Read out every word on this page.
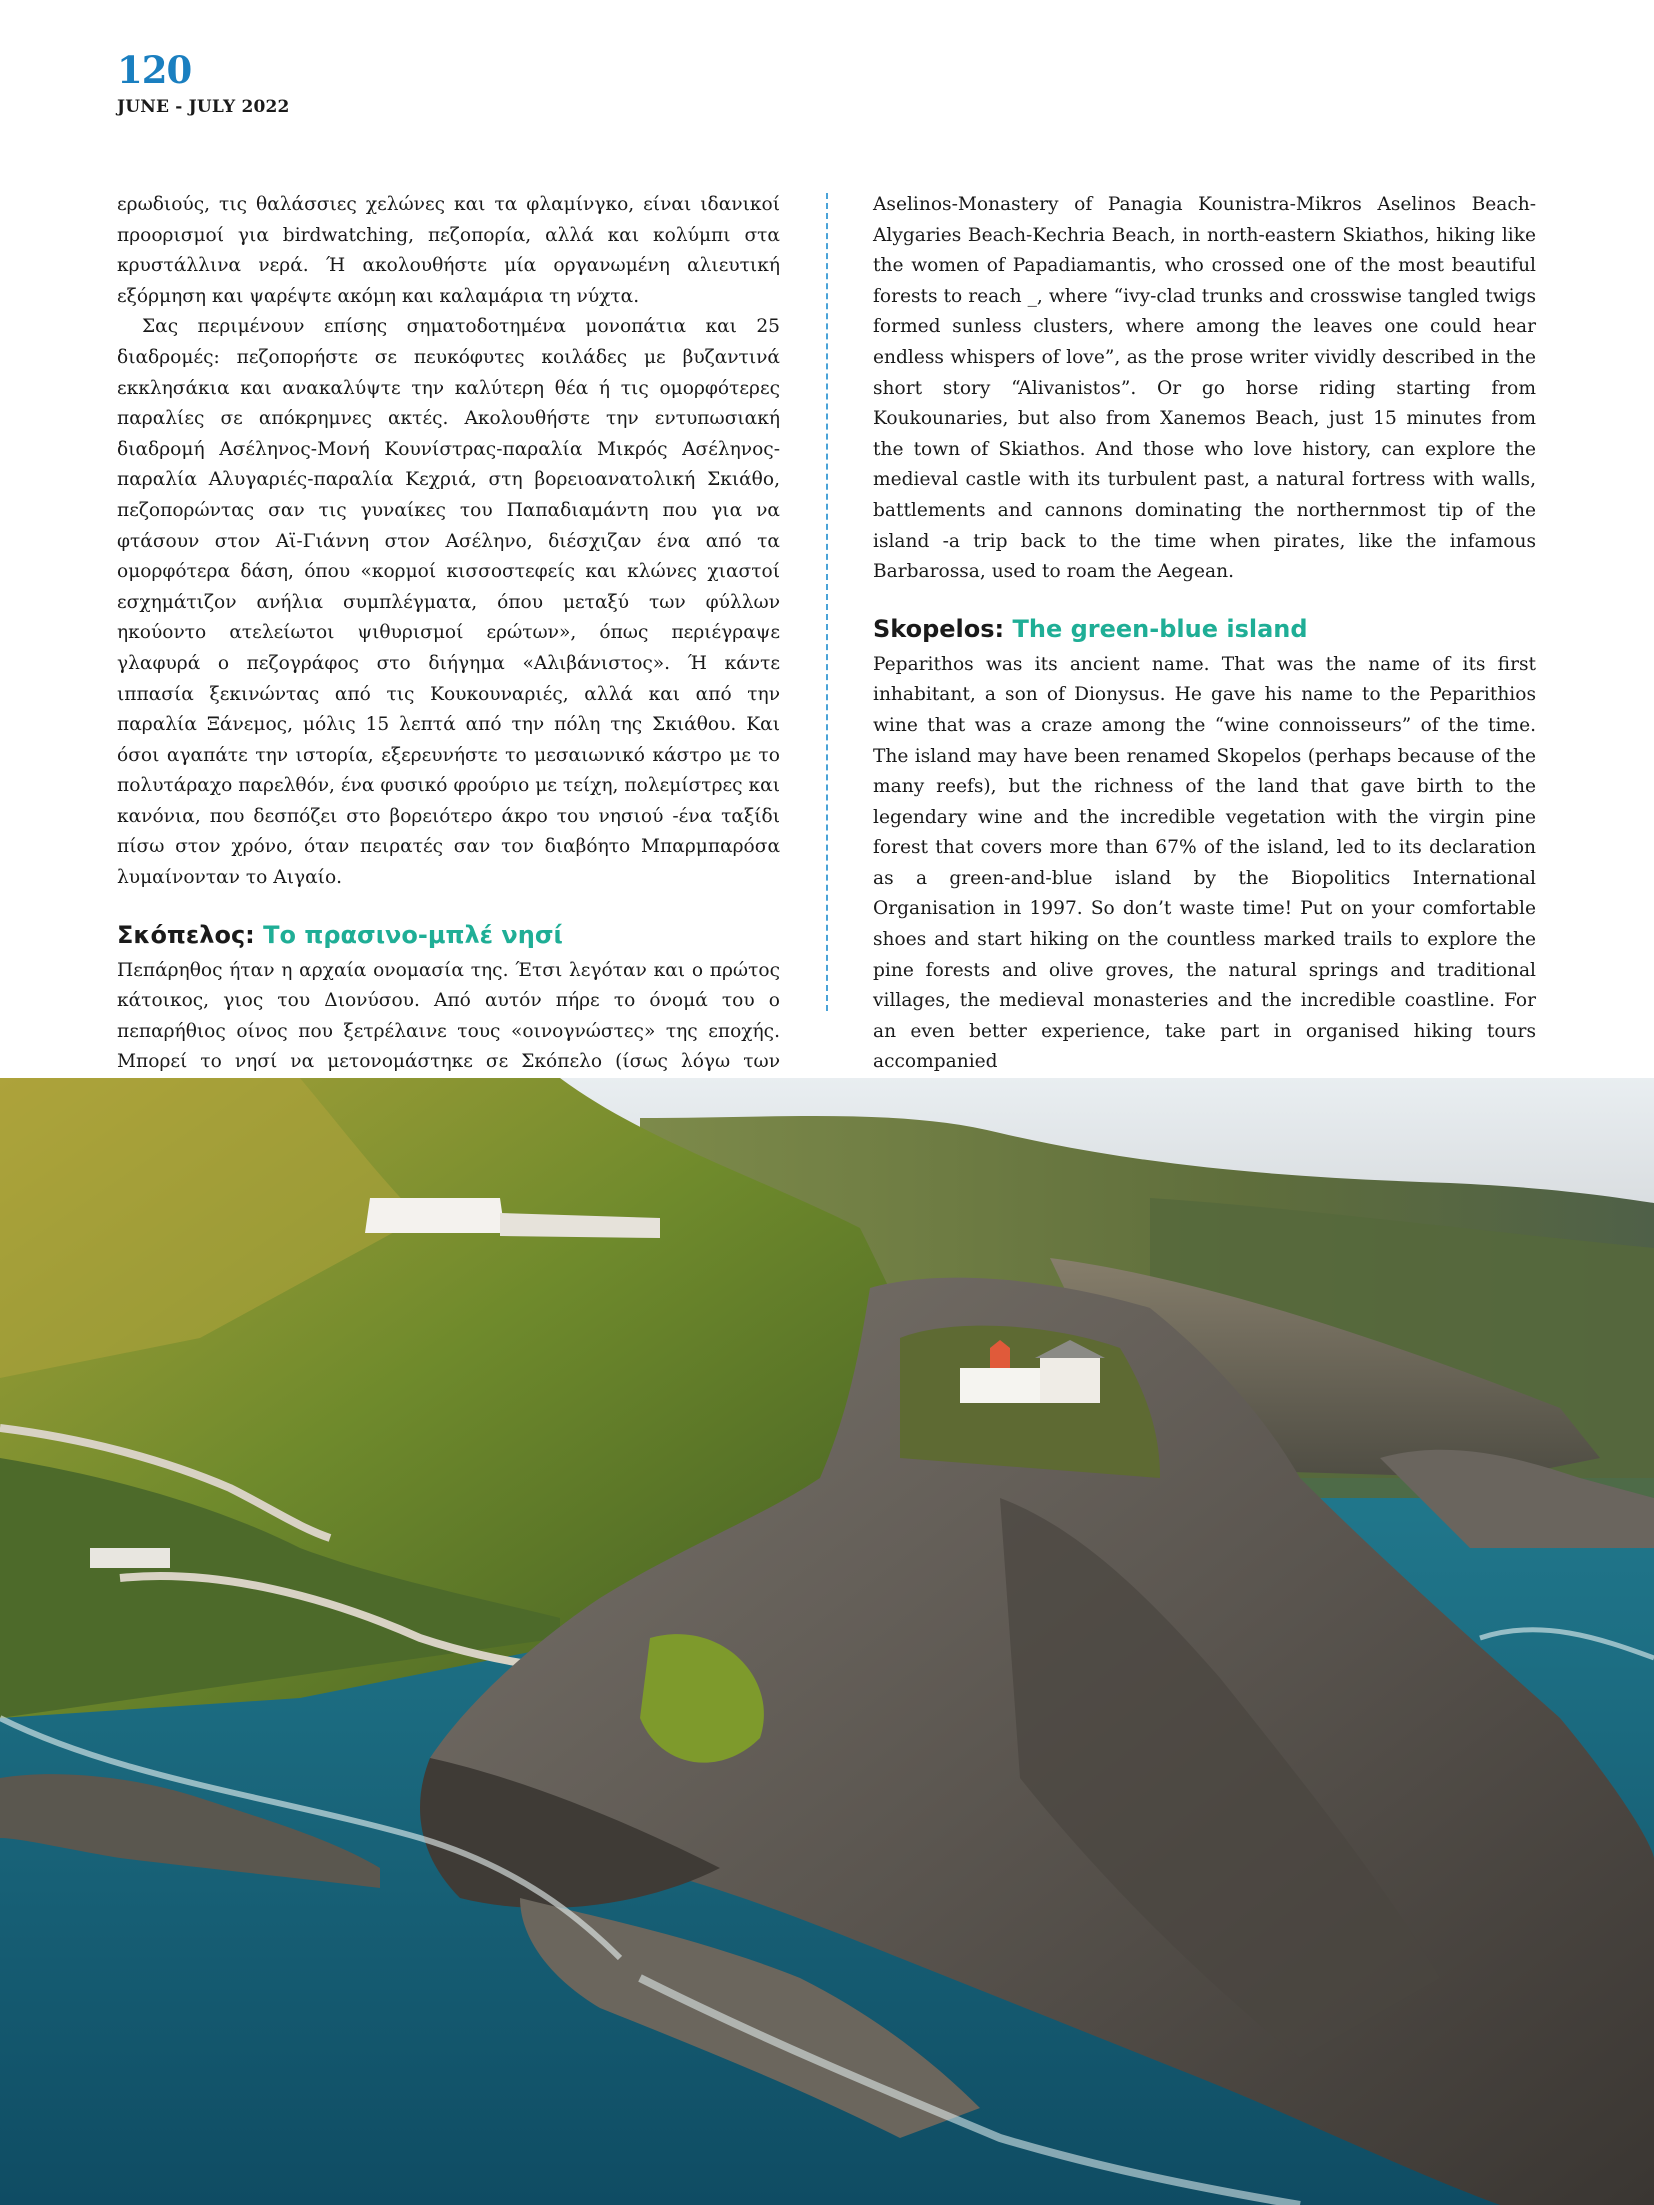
120
JUNE - JULY 2022

ερωδιούς, τις θαλάσσιες χελώνες και τα φλαμίνγκο, είναι ιδανικοί προορισμοί για birdwatching, πεζοπορία, αλλά και κολύμπι στα κρυστάλλινα νερά. Ή ακολουθήστε μία οργανωμένη αλιευτική εξόρμηση και ψαρέψτε ακόμη και καλαμάρια τη νύχτα.

Σας περιμένουν επίσης σηματοδοτημένα μονοπάτια και 25 διαδρομές: πεζοπορήστε σε πευκόφυτες κοιλάδες με βυζαντινά εκκλησάκια και ανακαλύψτε την καλύτερη θέα ή τις ομορφότερες παραλίες σε απόκρημνες ακτές. Ακολουθήστε την εντυπωσιακή διαδρομή Ασέληνος-Μονή Κουνίστρας-παραλία Μικρός Ασέληνος-παραλία Αλυγαριές-παραλία Κεχριά, στη βορειοανατολική Σκιάθο, πεζοπορώντας σαν τις γυναίκες του Παπαδιαμάντη που για να φτάσουν στον Αϊ-Γιάννη στον Ασέληνο, διέσχιζαν ένα από τα ομορφότερα δάση, όπου «κορμοί κισσοστεφείς και κλώνες χιαστοί εσχημάτιζον ανήλια συμπλέγματα, όπου μεταξύ των φύλλων ηκούοντο ατελείωτοι ψιθυρισμοί ερώτων», όπως περιέγραψε γλαφυρά ο πεζογράφος στο διήγημα «Αλιβάνιστος». Ή κάντε ιππασία ξεκινώντας από τις Κουκουναριές, αλλά και από την παραλία Ξάνεμος, μόλις 15 λεπτά από την πόλη της Σκιάθου. Και όσοι αγαπάτε την ιστορία, εξερευνήστε το μεσαιωνικό κάστρο με το πολυτάραχο παρελθόν, ένα φυσικό φρούριο με τείχη, πολεμίστρες και κανόνια, που δεσπόζει στο βορειότερο άκρο του νησιού -ένα ταξίδι πίσω στον χρόνο, όταν πειρατές σαν τον διαβόητο Μπαρμπαρόσα λυμαίνονταν το Αιγαίο.

Σκόπελος: Το πρασινο-μπλέ νησί

Πεπάρηθος ήταν η αρχαία ονομασία της. Έτσι λεγόταν και ο πρώτος κάτοικος, γιος του Διονύσου. Από αυτόν πήρε το όνομά του ο πεπαρήθιος οίνος που ξετρέλαινε τους «οινογνώστες» της εποχής. Μπορεί το νησί να μετονομάστηκε σε Σκόπελο (ίσως λόγω των

Aselinos-Monastery of Panagia Kounistra-Mikros Aselinos Beach-Alygaries Beach-Kechria Beach, in north-eastern Skiathos, hiking like the women of Papadiamantis, who crossed one of the most beautiful forests to reach _, where “ivy-clad trunks and crosswise tangled twigs formed sunless clusters, where among the leaves one could hear endless whispers of love”, as the prose writer vividly described in the short story “Alivanistos”. Or go horse riding starting from Koukounaries, but also from Xanemos Beach, just 15 minutes from the town of Skiathos. And those who love history, can explore the medieval castle with its turbulent past, a natural fortress with walls, battlements and cannons dominating the northernmost tip of the island -a trip back to the time when pirates, like the infamous Barbarossa, used to roam the Aegean.

Skopelos: The green-blue island

Peparithos was its ancient name. That was the name of its first inhabitant, a son of Dionysus. He gave his name to the Peparithios wine that was a craze among the “wine connoisseurs” of the time. The island may have been renamed Skopelos (perhaps because of the many reefs), but the richness of the land that gave birth to the legendary wine and the incredible vegetation with the virgin pine forest that covers more than 67% of the island, led to its declaration as a green-and-blue island by the Biopolitics International Organisation in 1997. So don’t waste time! Put on your comfortable shoes and start hiking on the countless marked trails to explore the pine forests and olive groves, the natural springs and traditional villages, the medieval monasteries and the incredible coastline. For an even better experience, take part in organised hiking tours accompanied
